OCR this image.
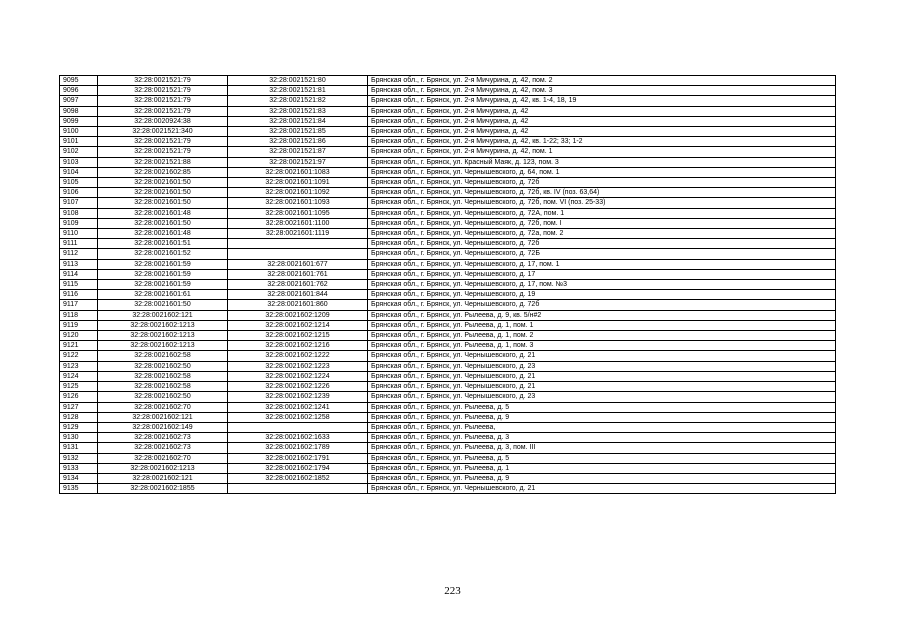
9095	32:28:0021521:79	32:28:0021521:80	Брянская обл., г. Брянск, ул. 2-я Мичурина, д. 42, пом. 2
9096	32:28:0021521:79	32:28:0021521:81	Брянская обл., г. Брянск, ул. 2-я Мичурина, д. 42, пом. 3
9097	32:28:0021521:79	32:28:0021521:82	Брянская обл., г. Брянск, ул. 2-я Мичурина, д. 42, кв. 1-4, 18, 19
9098	32:28:0021521:79	32:28:0021521:83	Брянская обл., г. Брянск, ул. 2-я Мичурина, д. 42
9099	32:28:0020924:38	32:28:0021521:84	Брянская обл., г. Брянск, ул. 2-я Мичурина, д. 42
9100	32:28:0021521:340	32:28:0021521:85	Брянская обл., г. Брянск, ул. 2-я Мичурина, д. 42
9101	32:28:0021521:79	32:28:0021521:86	Брянская обл., г. Брянск, ул. 2-я Мичурина, д. 42, кв. 1-22; 33; 1-2
9102	32:28:0021521:79	32:28:0021521:87	Брянская обл., г. Брянск, ул. 2-я Мичурина, д. 42, пом. 1
9103	32:28:0021521:88	32:28:0021521:97	Брянская обл., г. Брянск, ул. Красный Маяк, д. 123, пом. 3
9104	32:28:0021602:85	32:28:0021601:1083	Брянская обл., г. Брянск, ул. Чернышевского, д. 64, пом. 1
9105	32:28:0021601:50	32:28:0021601:1091	Брянская обл., г. Брянск, ул. Чернышевского, д. 72б
9106	32:28:0021601:50	32:28:0021601:1092	Брянская обл., г. Брянск, ул. Чернышевского, д. 72б, кв. IV (поз. 63,64)
9107	32:28:0021601:50	32:28:0021601:1093	Брянская обл., г. Брянск, ул. Чернышевского, д. 72б, пом. VI (поз. 25-33)
9108	32:28:0021601:48	32:28:0021601:1095	Брянская обл., г. Брянск, ул. Чернышевского, д. 72А, пом. 1
9109	32:28:0021601:50	32:28:0021601:1100	Брянская обл., г. Брянск, ул. Чернышевского, д. 72б, пом. I
9110	32:28:0021601:48	32:28:0021601:1119	Брянская обл., г. Брянск, ул. Чернышевского, д. 72а, пом. 2
9111	32:28:0021601:51		Брянская обл., г. Брянск, ул. Чернышевского, д. 72б
9112	32:28:0021601:52		Брянская обл., г. Брянск, ул. Чернышевского, д. 72Б
9113	32:28:0021601:59	32:28:0021601:677	Брянская обл., г. Брянск, ул. Чернышевского, д. 17, пом. 1
9114	32:28:0021601:59	32:28:0021601:761	Брянская обл., г. Брянск, ул. Чернышевского, д. 17
9115	32:28:0021601:59	32:28:0021601:762	Брянская обл., г. Брянск, ул. Чернышевского, д. 17, пом. №3
9116	32:28:0021601:61	32:28:0021601:844	Брянская обл., г. Брянск, ул. Чернышевского, д. 19
9117	32:28:0021601:50	32:28:0021601:860	Брянская обл., г. Брянск, ул. Чернышевского, д. 72б
9118	32:28:0021602:121	32:28:0021602:1209	Брянская обл., г. Брянск, ул. Рылеева, д. 9, кв. 5/н#2
9119	32:28:0021602:1213	32:28:0021602:1214	Брянская обл., г. Брянск, ул. Рылеева, д. 1, пом. 1
9120	32:28:0021602:1213	32:28:0021602:1215	Брянская обл., г. Брянск, ул. Рылеева, д. 1, пом. 2
9121	32:28:0021602:1213	32:28:0021602:1216	Брянская обл., г. Брянск, ул. Рылеева, д. 1, пом. 3
9122	32:28:0021602:58	32:28:0021602:1222	Брянская обл., г. Брянск, ул. Чернышевского, д. 21
9123	32:28:0021602:50	32:28:0021602:1223	Брянская обл., г. Брянск, ул. Чернышевского, д. 23
9124	32:28:0021602:58	32:28:0021602:1224	Брянская обл., г. Брянск, ул. Чернышевского, д. 21
9125	32:28:0021602:58	32:28:0021602:1226	Брянская обл., г. Брянск, ул. Чернышевского, д. 21
9126	32:28:0021602:50	32:28:0021602:1239	Брянская обл., г. Брянск, ул. Чернышевского, д. 23
9127	32:28:0021602:70	32:28:0021602:1241	Брянская обл., г. Брянск, ул. Рылеева, д. 5
9128	32:28:0021602:121	32:28:0021602:1258	Брянская обл., г. Брянск, ул. Рылеева, д. 9
9129	32:28:0021602:149		Брянская обл., г. Брянск, ул. Рылеева,
9130	32:28:0021602:73	32:28:0021602:1633	Брянская обл., г. Брянск, ул. Рылеева, д. 3
9131	32:28:0021602:73	32:28:0021602:1789	Брянская обл., г. Брянск, ул. Рылеева, д. 3, пом. III
9132	32:28:0021602:70	32:28:0021602:1791	Брянская обл., г. Брянск, ул. Рылеева, д. 5
9133	32:28:0021602:1213	32:28:0021602:1794	Брянская обл., г. Брянск, ул. Рылеева, д. 1
9134	32:28:0021602:121	32:28:0021602:1852	Брянская обл., г. Брянск, ул. Рылеева, д. 9
9135	32:28:0021602:1855		Брянская обл., г. Брянск, ул. Чернышевского, д. 21
223
